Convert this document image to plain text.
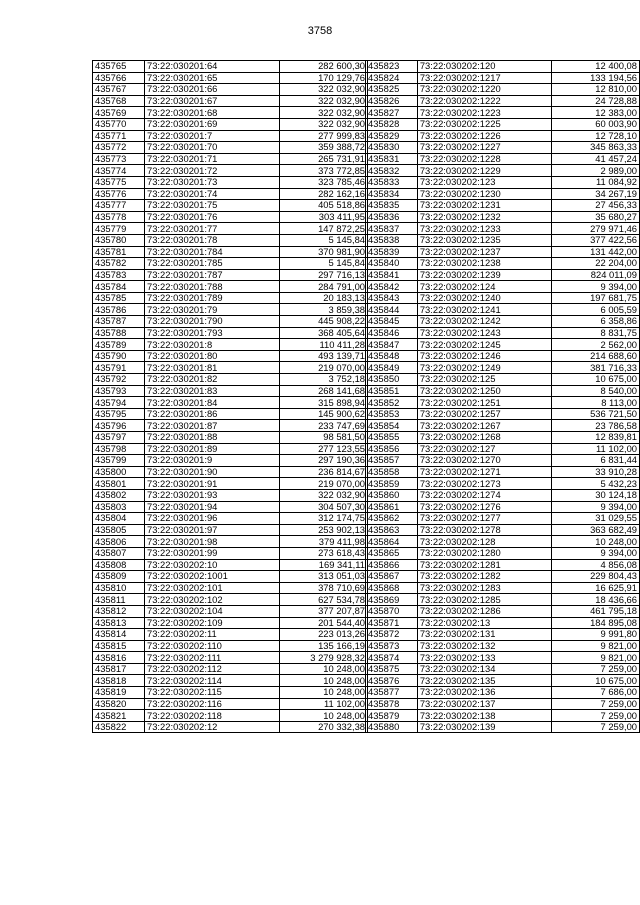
3758
435765	73:22:030201:64	282 600,30
435766	73:22:030201:65	170 129,76
435767	73:22:030201:66	322 032,90
435768	73:22:030201:67	322 032,90
435769	73:22:030201:68	322 032,90
435770	73:22:030201:69	322 032,90
435771	73:22:030201:7	277 999,83
435772	73:22:030201:70	359 388,72
435773	73:22:030201:71	265 731,91
435774	73:22:030201:72	373 772,85
435775	73:22:030201:73	323 785,46
435776	73:22:030201:74	282 162,16
435777	73:22:030201:75	405 518,86
435778	73:22:030201:76	303 411,95
435779	73:22:030201:77	147 872,25
435780	73:22:030201:78	5 145,84
435781	73:22:030201:784	370 981,90
435782	73:22:030201:785	5 145,84
435783	73:22:030201:787	297 716,13
435784	73:22:030201:788	284 791,00
435785	73:22:030201:789	20 183,13
435786	73:22:030201:79	3 859,38
435787	73:22:030201:790	445 908,22
435788	73:22:030201:793	368 405,64
435789	73:22:030201:8	110 411,28
435790	73:22:030201:80	493 139,71
435791	73:22:030201:81	219 070,00
435792	73:22:030201:82	3 752,18
435793	73:22:030201:83	268 141,68
435794	73:22:030201:84	315 898,94
435795	73:22:030201:86	145 900,62
435796	73:22:030201:87	233 747,69
435797	73:22:030201:88	98 581,50
435798	73:22:030201:89	277 123,55
435799	73:22:030201:9	297 190,36
435800	73:22:030201:90	236 814,67
435801	73:22:030201:91	219 070,00
435802	73:22:030201:93	322 032,90
435803	73:22:030201:94	304 507,30
435804	73:22:030201:96	312 174,75
435805	73:22:030201:97	253 902,13
435806	73:22:030201:98	379 411,98
435807	73:22:030201:99	273 618,43
435808	73:22:030202:10	169 341,11
435809	73:22:030202:1001	313 051,03
435810	73:22:030202:101	378 710,69
435811	73:22:030202:102	627 534,78
435812	73:22:030202:104	377 207,87
435813	73:22:030202:109	201 544,40
435814	73:22:030202:11	223 013,26
435815	73:22:030202:110	135 166,19
435816	73:22:030202:111	3 279 928,32
435817	73:22:030202:112	10 248,00
435818	73:22:030202:114	10 248,00
435819	73:22:030202:115	10 248,00
435820	73:22:030202:116	11 102,00
435821	73:22:030202:118	10 248,00
435822	73:22:030202:12	270 332,38
435823	73:22:030202:120	12 400,08
435824	73:22:030202:1217	133 194,56
435825	73:22:030202:1220	12 810,00
435826	73:22:030202:1222	24 728,88
435827	73:22:030202:1223	12 383,00
435828	73:22:030202:1225	60 003,90
435829	73:22:030202:1226	12 728,10
435830	73:22:030202:1227	345 863,33
435831	73:22:030202:1228	41 457,24
435832	73:22:030202:1229	2 989,00
435833	73:22:030202:123	11 084,92
435834	73:22:030202:1230	34 267,19
435835	73:22:030202:1231	27 456,33
435836	73:22:030202:1232	35 680,27
435837	73:22:030202:1233	279 971,46
435838	73:22:030202:1235	377 422,56
435839	73:22:030202:1237	131 442,00
435840	73:22:030202:1238	22 204,00
435841	73:22:030202:1239	824 011,09
435842	73:22:030202:124	9 394,00
435843	73:22:030202:1240	197 681,75
435844	73:22:030202:1241	6 005,59
435845	73:22:030202:1242	6 358,86
435846	73:22:030202:1243	8 831,75
435847	73:22:030202:1245	2 562,00
435848	73:22:030202:1246	214 688,60
435849	73:22:030202:1249	381 716,33
435850	73:22:030202:125	10 675,00
435851	73:22:030202:1250	8 540,00
435852	73:22:030202:1251	8 113,00
435853	73:22:030202:1257	536 721,50
435854	73:22:030202:1267	23 786,58
435855	73:22:030202:1268	12 839,81
435856	73:22:030202:127	11 102,00
435857	73:22:030202:1270	6 831,44
435858	73:22:030202:1271	33 910,28
435859	73:22:030202:1273	5 432,23
435860	73:22:030202:1274	30 124,18
435861	73:22:030202:1276	9 394,00
435862	73:22:030202:1277	31 029,55
435863	73:22:030202:1278	363 682,49
435864	73:22:030202:128	10 248,00
435865	73:22:030202:1280	9 394,00
435866	73:22:030202:1281	4 856,08
435867	73:22:030202:1282	229 804,43
435868	73:22:030202:1283	16 625,91
435869	73:22:030202:1285	18 436,66
435870	73:22:030202:1286	461 795,18
435871	73:22:030202:13	184 895,08
435872	73:22:030202:131	9 991,80
435873	73:22:030202:132	9 821,00
435874	73:22:030202:133	9 821,00
435875	73:22:030202:134	7 259,00
435876	73:22:030202:135	10 675,00
435877	73:22:030202:136	7 686,00
435878	73:22:030202:137	7 259,00
435879	73:22:030202:138	7 259,00
435880	73:22:030202:139	7 259,00
